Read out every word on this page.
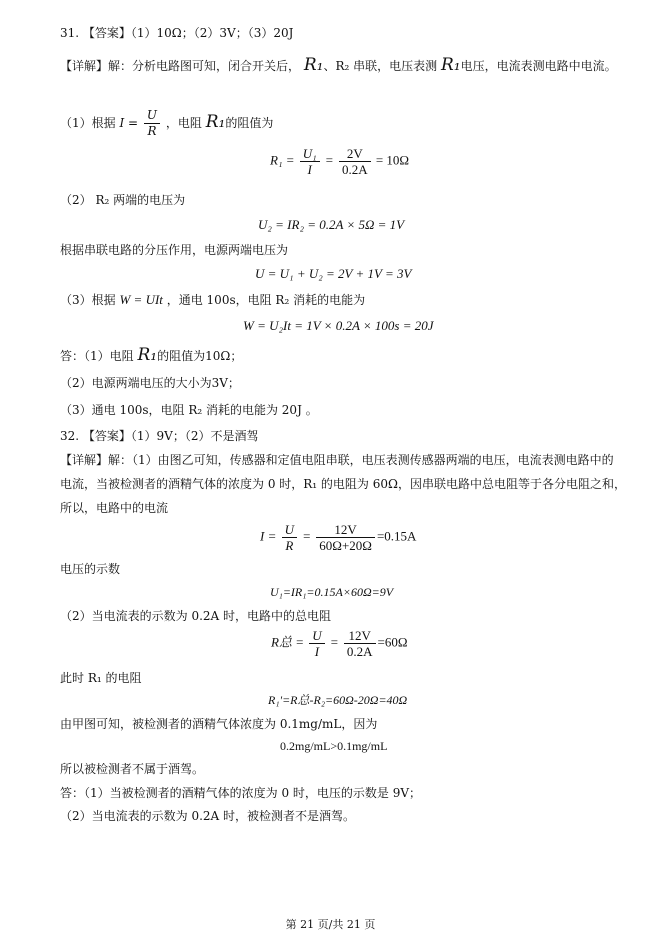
31. 【答案】（1）10Ω；（2）3V；（3）20J
【详解】解：分析电路图可知，闭合开关后， R₁、R₂ 串联，电压表测 R₁电压，电流表测电路中电流。
（1）根据 $I = \frac{U}{R}$ ，电阻 R₁的阻值为
$R_1 = \frac{\text{U₁}}{I} = \frac{2V}{0.2A} = 10\Omega$
（2） R₂ 两端的电压为
U₂ = IR₂ = 0.2A × 5Ω = 1V
根据串联电路的分压作用，电源两端电压为
U = U₁ + U₂ = 2V + 1V = 3V
（3）根据 W = UIt ，通电 100s，电阻 R₂ 消耗的电能为
W = U₂It = 1V × 0.2A × 100s = 20J
答：（1）电阻 R₁的阻值为10Ω；
（2）电源两端电压的大小为3V；
（3）通电 100s，电阻 R₂ 消耗的电能为 20J 。
32. 【答案】（1）9V；（2）不是酒驾
【详解】解：（1）由图乙可知，传感器和定值电阻串联，电压表测传感器两端的电压，电流表测电路中的
电流，当被检测者的酒精气体的浓度为 0 时，R₁ 的电阻为 60Ω，因串联电路中总电阻等于各分电阻之和，
所以，电路中的电流
$I = \frac{U}{R} = \frac{12V}{60\Omega+20\Omega} =0.15A$
电压的示数
U₁=IR₁=0.15A×60Ω=9V
（2）当电流表的示数为 0.2A 时，电路中的总电阻
R总 = $\frac{U}{I} = \frac{12V}{0.2A} =60\Omega$
此时 R₁ 的电阻
R₁'=R总-R₂=60Ω-20Ω=40Ω
由甲图可知，被检测者的酒精气体浓度为 0.1mg/mL，因为
0.2mg/mL>0.1mg/mL
所以被检测者不属于酒驾。
答：（1）当被检测者的酒精气体的浓度为 0 时，电压的示数是 9V；
（2）当电流表的示数为 0.2A 时，被检测者不是酒驾。
第 21 页/共 21 页
